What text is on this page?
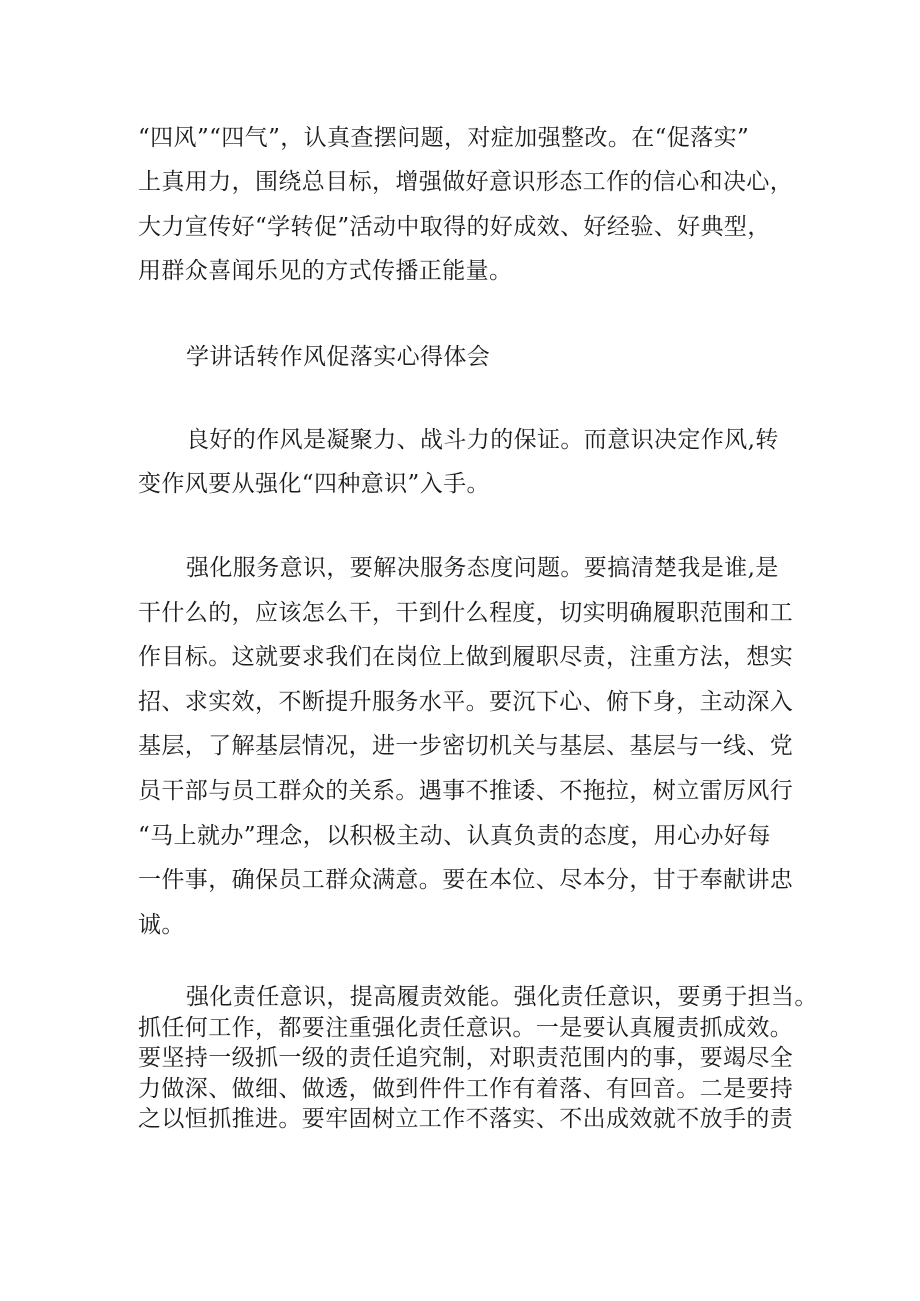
“四风”“四气”，认真查摆问题，对症加强整改。在“促落实”
上真用力，围绕总目标，增强做好意识形态工作的信心和决心，
大力宣传好“学转促”活动中取得的好成效、好经验、好典型，
用群众喜闻乐见的方式传播正能量。

学讲话转作风促落实心得体会

良好的作风是凝聚力、战斗力的保证。而意识决定作风,转
变作风要从强化“四种意识”入手。

强化服务意识，要解决服务态度问题。要搞清楚我是谁,是
干什么的，应该怎么干，干到什么程度，切实明确履职范围和工
作目标。这就要求我们在岗位上做到履职尽责，注重方法，想实
招、求实效，不断提升服务水平。要沉下心、俯下身，主动深入
基层，了解基层情况，进一步密切机关与基层、基层与一线、党
员干部与员工群众的关系。遇事不推诿、不拖拉，树立雷厉风行
“马上就办”理念，以积极主动、认真负责的态度，用心办好每
一件事，确保员工群众满意。要在本位、尽本分，甘于奉献讲忠
诚。

强化责任意识，提高履责效能。强化责任意识，要勇于担当。
抓任何工作，都要注重强化责任意识。一是要认真履责抓成效。
要坚持一级抓一级的责任追究制，对职责范围内的事，要竭尽全
力做深、做细、做透，做到件件工作有着落、有回音。二是要持
之以恒抓推进。要牢固树立工作不落实、不出成效就不放手的责
